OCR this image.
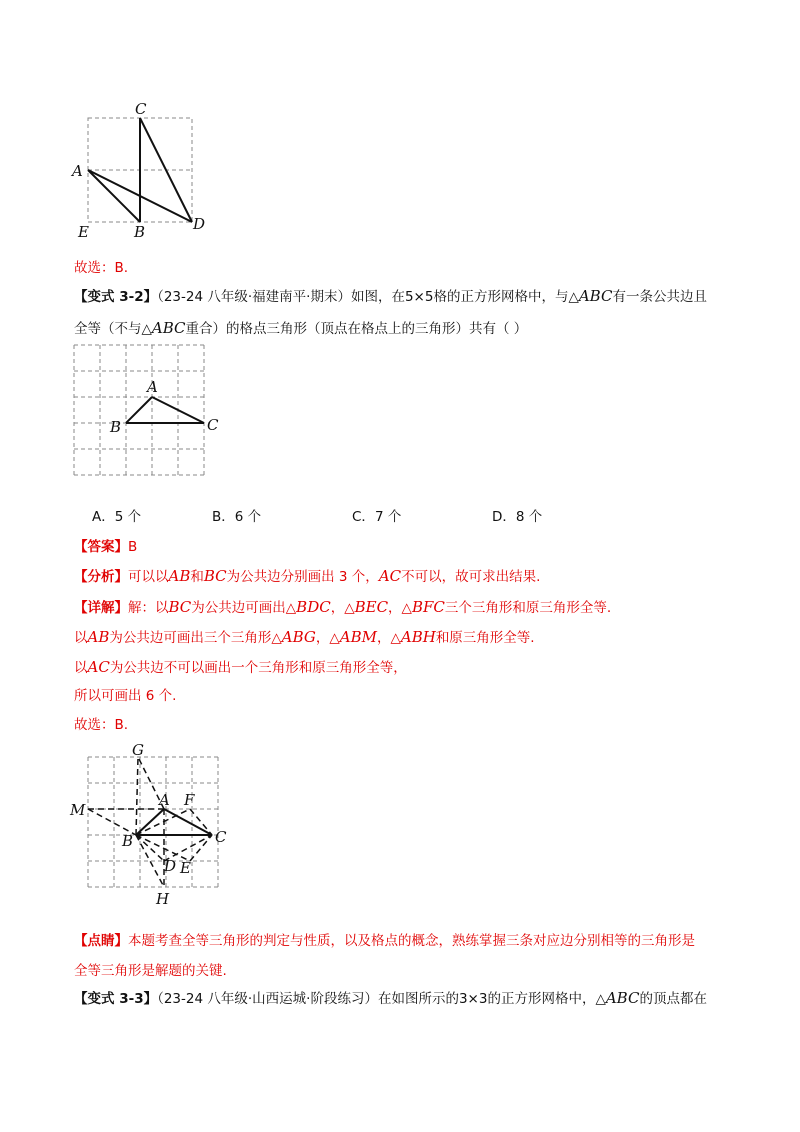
C
A
E	B	D
故选：B.
【变式 3-2】（23-24 八年级·福建南平·期末）如图，在5×5格的正方形网格中，与△ABC有一条公共边且
全等（不与△ABC重合）的格点三角形（顶点在格点上的三角形）共有（ ）
A
B	C
A．5 个	B．6 个	C．7 个	D．8 个
【答案】B
【分析】可以以AB和BC为公共边分别画出 3 个，AC不可以，故可求出结果.
【详解】解：以BC为公共边可画出△BDC，△BEC，△BFC三个三角形和原三角形全等.
以AB为公共边可画出三个三角形△ABG，△ABM，△ABH和原三角形全等.
以AC为公共边不可以画出一个三角形和原三角形全等，
所以可画出 6 个.
故选：B.
G
A F
M
B	C
D E
H
【点睛】本题考查全等三角形的判定与性质，以及格点的概念，熟练掌握三条对应边分别相等的三角形是
全等三角形是解题的关键.
【变式 3-3】（23-24 八年级·山西运城·阶段练习）在如图所示的3×3的正方形网格中，△ABC的顶点都在
